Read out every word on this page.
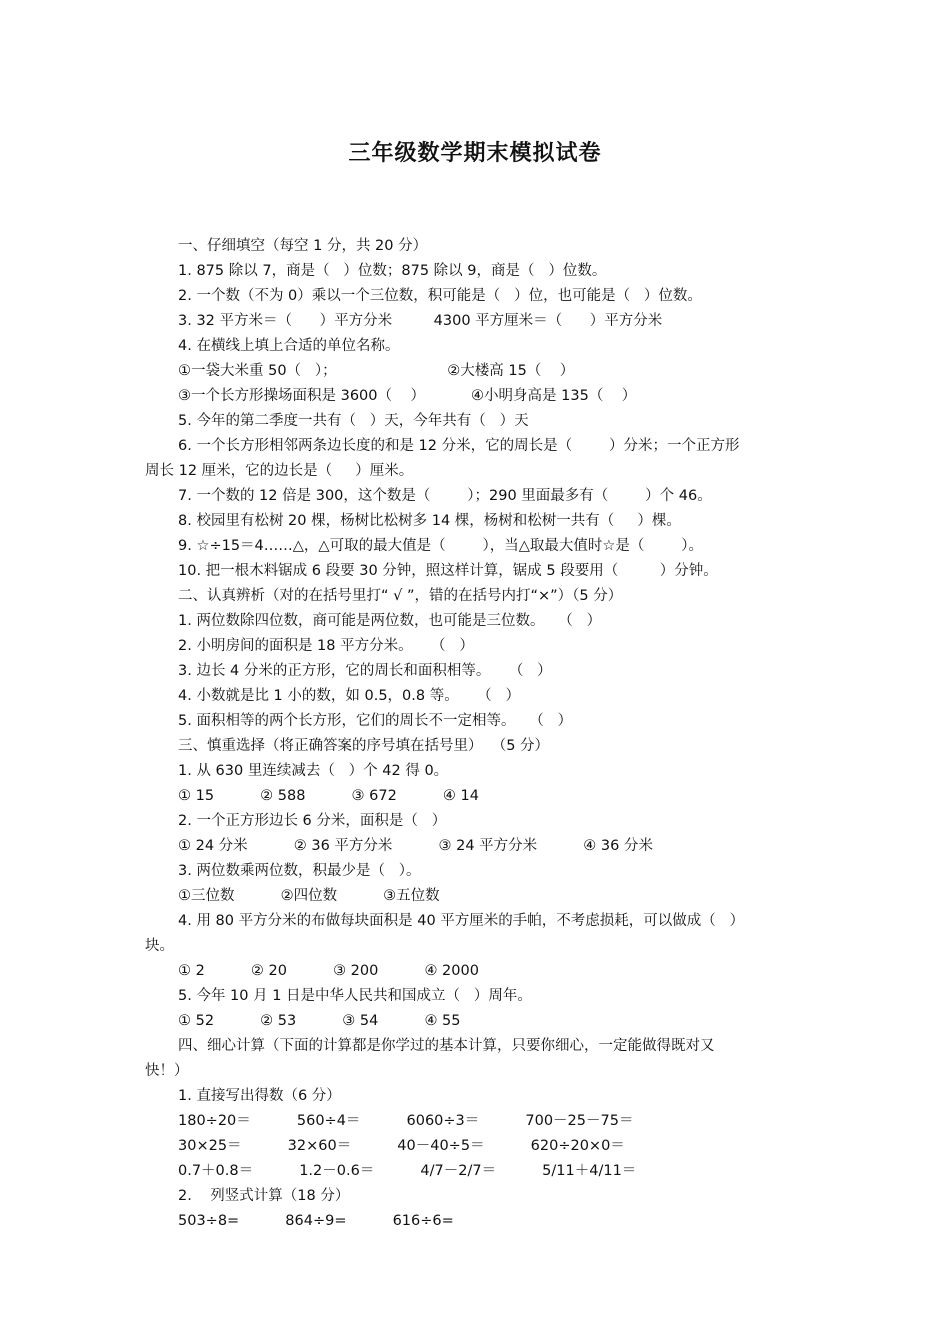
三年级数学期末模拟试卷
一、仔细填空（每空 1 分，共 20 分）
1. 875 除以 7，商是（   ）位数；875 除以 9，商是（   ）位数。
2. 一个数（不为 0）乘以一个三位数，积可能是（   ）位，也可能是（   ）位数。
3. 32 平方米＝（      ）平方分米         4300 平方厘米＝（      ）平方分米
4. 在横线上填上合适的单位名称。
①一袋大米重 50（   ）；                        ②大楼高 15（    ）
③一个长方形操场面积是 3600（    ）          ④小明身高是 135（    ）
5. 今年的第二季度一共有（   ）天，今年共有（   ）天
6. 一个长方形相邻两条边长度的和是 12 分米，它的周长是（        ）分米；一个正方形
周长 12 厘米，它的边长是（     ）厘米。
7. 一个数的 12 倍是 300，这个数是（        ）；290 里面最多有（        ）个 46。
8. 校园里有松树 20 棵，杨树比松树多 14 棵，杨树和松树一共有（     ）棵。
9. ☆÷15＝4……△，△可取的最大值是（        ），当△取最大值时☆是（        ）。
10. 把一根木料锯成 6 段要 30 分钟，照这样计算，锯成 5 段要用（         ）分钟。
二、认真辨析（对的在括号里打“ √ ”，错的在括号内打“×”）（5 分）
1. 两位数除四位数，商可能是两位数，也可能是三位数。   （   ）
2. 小明房间的面积是 18 平方分米。    （   ）
3. 边长 4 分米的正方形，它的周长和面积相等。    （   ）
4. 小数就是比 1 小的数，如 0.5，0.8 等。    （   ）
5. 面积相等的两个长方形，它们的周长不一定相等。   （   ）
三、慎重选择（将正确答案的序号填在括号里）  （5 分）
1. 从 630 里连续减去（   ）个 42 得 0。
① 15          ② 588          ③ 672          ④ 14
2. 一个正方形边长 6 分米，面积是（   ）
① 24 分米          ② 36 平方分米          ③ 24 平方分米          ④ 36 分米
3. 两位数乘两位数，积最少是（   ）。
①三位数          ②四位数          ③五位数
4. 用 80 平方分米的布做每块面积是 40 平方厘米的手帕，不考虑损耗，可以做成（   ）
块。
① 2          ② 20          ③ 200          ④ 2000
5. 今年 10 月 1 日是中华人民共和国成立（   ）周年。
① 52          ② 53          ③ 54          ④ 55
四、细心计算（下面的计算都是你学过的基本计算，只要你细心，一定能做得既对又
快！）
1. 直接写出得数（6 分）
180÷20＝          560÷4＝          6060÷3＝          700－25－75＝
30×25＝          32×60＝          40－40÷5＝          620÷20×0＝
0.7＋0.8＝          1.2－0.6＝          4/7－2/7＝          5/11＋4/11＝
2.    列竖式计算（18 分）
503÷8=          864÷9=          616÷6=
